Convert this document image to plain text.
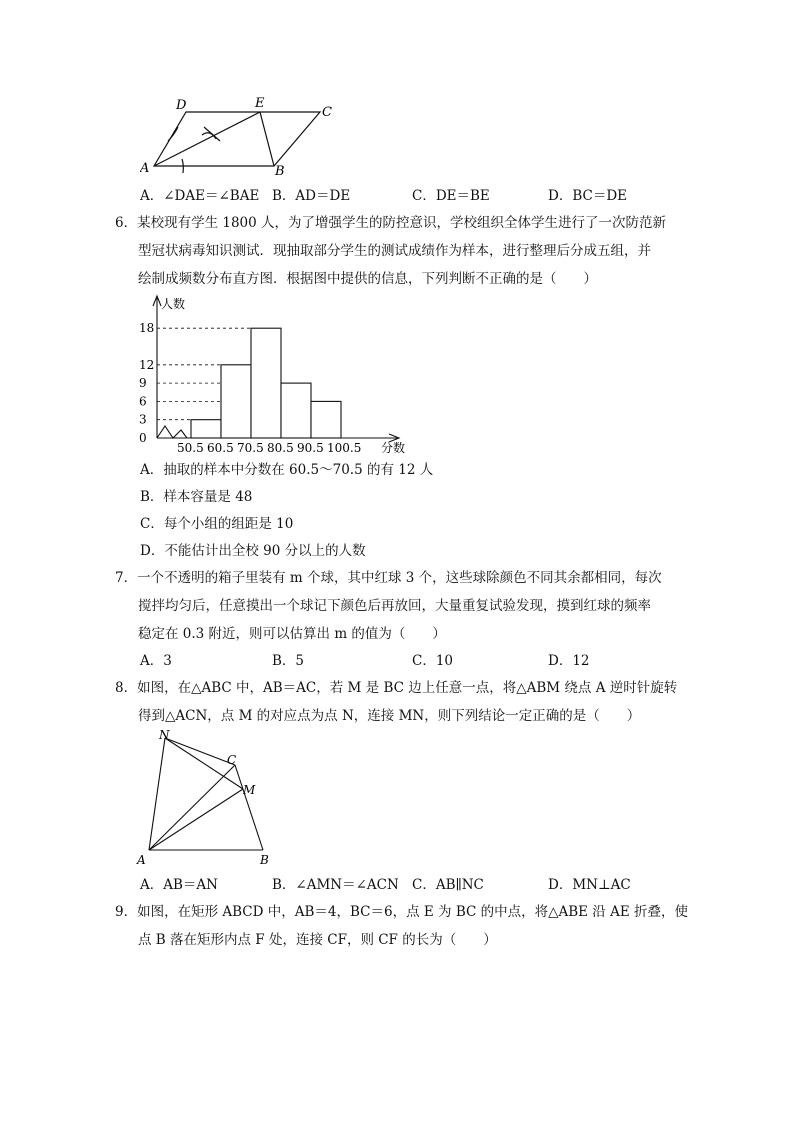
D	E
C
A	B
A．∠DAE＝∠BAE B．AD＝DE	C．DE＝BE	D．BC＝DE
6．某校现有学生 1800 人，为了增强学生的防控意识，学校组织全体学生进行了一次防范新
型冠状病毒知识测试．现抽取部分学生的测试成绩作为样本，进行整理后分成五组，并
绘制成频数分布直方图．根据图中提供的信息，下列判断不正确的是（　　）
人数
分数
18
12
9
6
3
0
50.5 60.5 70.5 80.5 90.5 100.5
A．抽取的样本中分数在 60.5～70.5 的有 12 人
B．样本容量是 48
C．每个小组的组距是 10
D．不能估计出全校 90 分以上的人数
7．一个不透明的箱子里装有 m 个球，其中红球 3 个，这些球除颜色不同其余都相同，每次
搅拌均匀后，任意摸出一个球记下颜色后再放回，大量重复试验发现，摸到红球的频率
稳定在 0.3 附近，则可以估算出 m 的值为（　　）
A．3	B．5	C．10	D．12
8．如图，在△ABC 中，AB＝AC，若 M 是 BC 边上任意一点，将△ABM 绕点 A 逆时针旋转
得到△ACN，点 M 的对应点为点 N，连接 MN，则下列结论一定正确的是（　　）
N
C
M
A	B
A．AB＝AN	B．∠AMN＝∠ACN C．AB∥NC	D．MN⊥AC
9．如图，在矩形 ABCD 中，AB＝4，BC＝6，点 E 为 BC 的中点，将△ABE 沿 AE 折叠，使
点 B 落在矩形内点 F 处，连接 CF，则 CF 的长为（　　）
